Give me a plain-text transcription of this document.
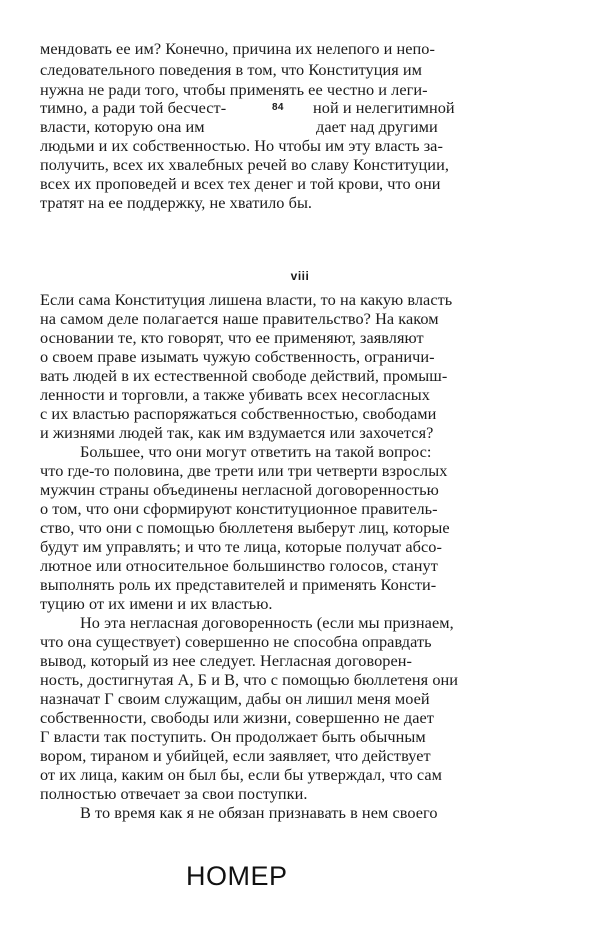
мендовать ее им? Конечно, причина их нелепого и непо-
следовательного поведения в том, что Конституция им
нужна не ради того, чтобы применять ее честно и леги-
тимно, а ради той бесчест-	ной и нелегитимной
власти, которую она им	дает над другими
людьми и их собственностью. Но чтобы им эту власть за-
получить, всех их хвалебных речей во славу Конституции,
всех их проповедей и всех тех денег и той крови, что они
тратят на ее поддержку, не хватило бы.
84
viii
Если сама Конституция лишена власти, то на какую власть
на самом деле полагается наше правительство? На каком
основании те, кто говорят, что ее применяют, заявляют
о своем праве изымать чужую собственность, ограничи-
вать людей в их естественной свободе действий, промыш-
ленности и торговли, а также убивать всех несогласных
с их властью распоряжаться собственностью, свободами
и жизнями людей так, как им вздумается или захочется?
Большее, что они могут ответить на такой вопрос:
что где-то половина, две трети или три четверти взрослых
мужчин страны объединены негласной договоренностью
о том, что они сформируют конституционное правитель-
ство, что они с помощью бюллетеня выберут лиц, которые
будут им управлять; и что те лица, которые получат абсо-
лютное или относительное большинство голосов, станут
выполнять роль их представителей и применять Консти-
туцию от их имени и их властью.
Но эта негласная договоренность (если мы признаем,
что она существует) совершенно не способна оправдать
вывод, который из нее следует. Негласная договорен-
ность, достигнутая А, Б и В, что с помощью бюллетеня они
назначат Г своим служащим, дабы он лишил меня моей
собственности, свободы или жизни, совершенно не дает
Г власти так поступить. Он продолжает быть обычным
вором, тираном и убийцей, если заявляет, что действует
от их лица, каким он был бы, если бы утверждал, что сам
полностью отвечает за свои поступки.
В то время как я не обязан признавать в нем своего
НОМЕР
